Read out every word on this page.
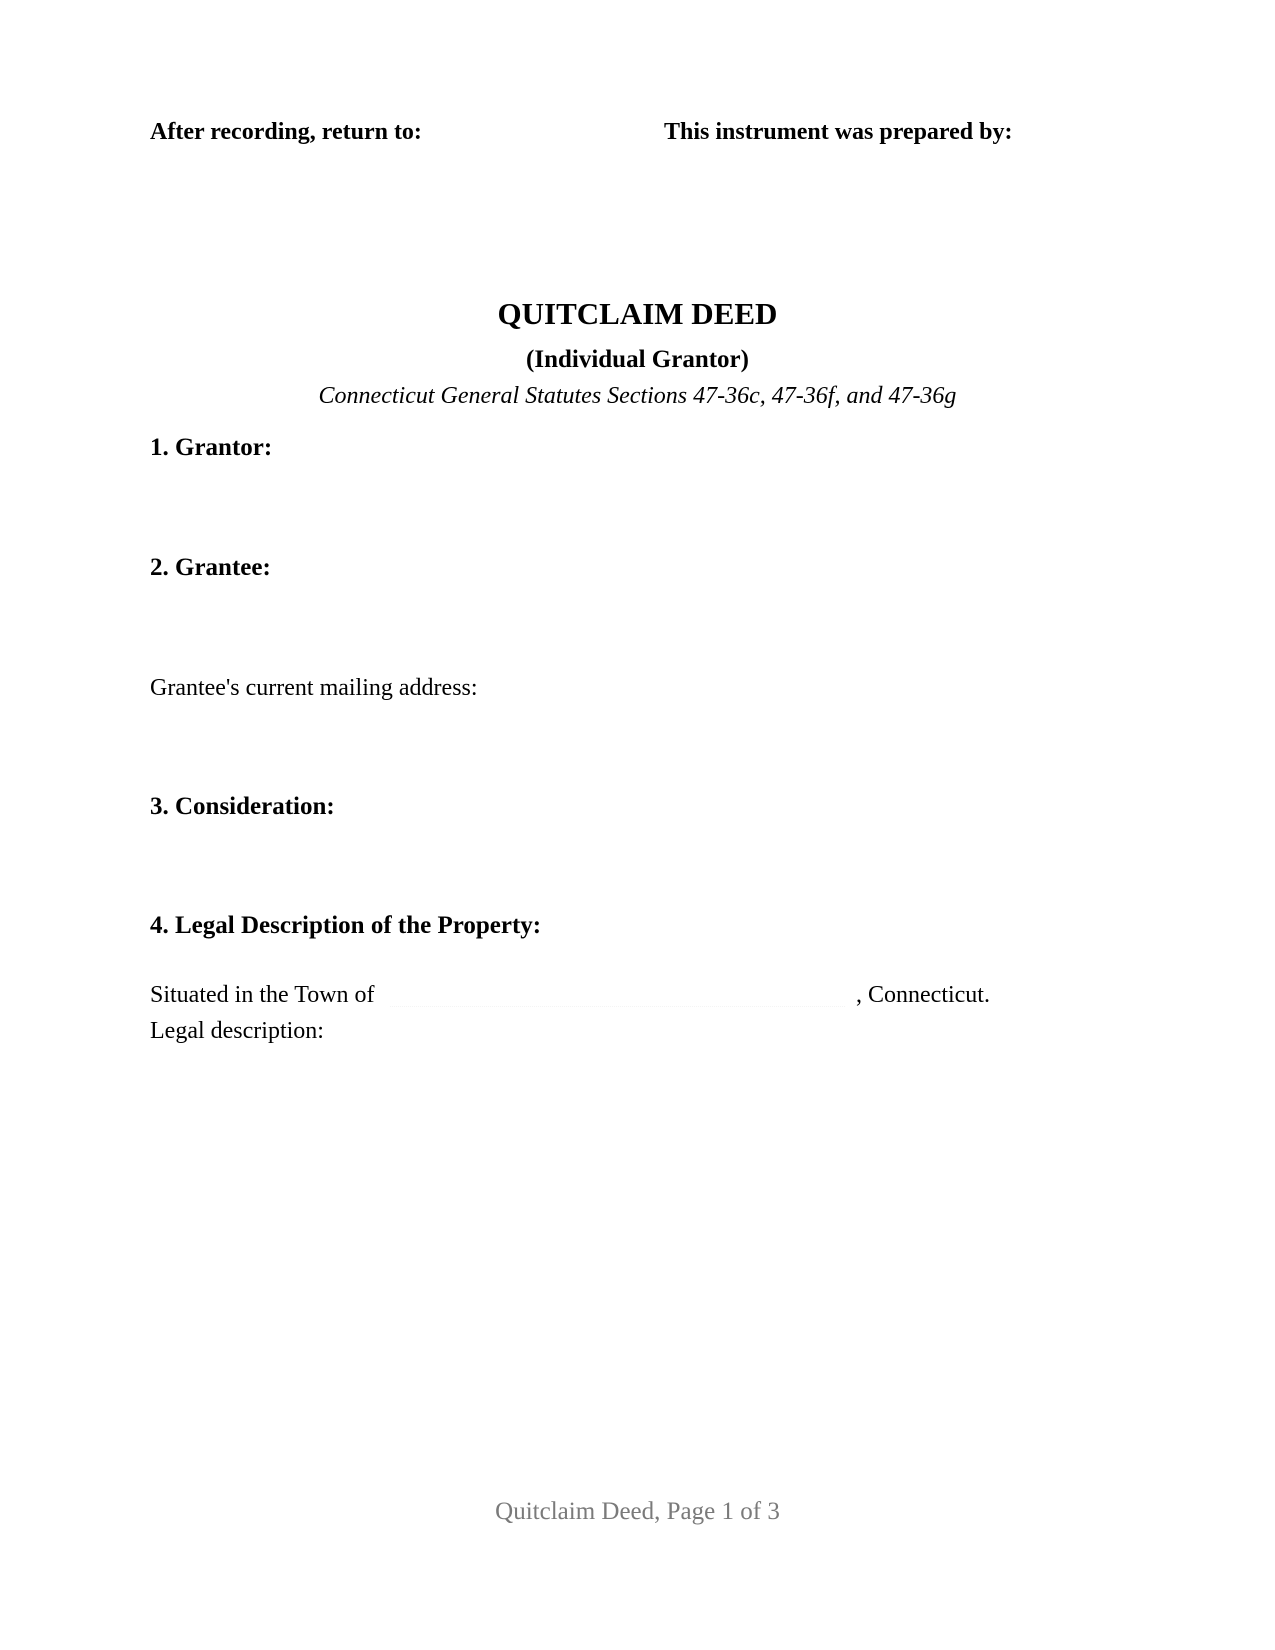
After recording, return to:	This instrument was prepared by:
QUITCLAIM DEED
(Individual Grantor)
Connecticut General Statutes Sections 47-36c, 47-36f, and 47-36g
1. Grantor:
2. Grantee:
Grantee's current mailing address:
3. Consideration:
4. Legal Description of the Property:
Situated in the Town of	, Connecticut.
Legal description:
Quitclaim Deed, Page 1 of 3
